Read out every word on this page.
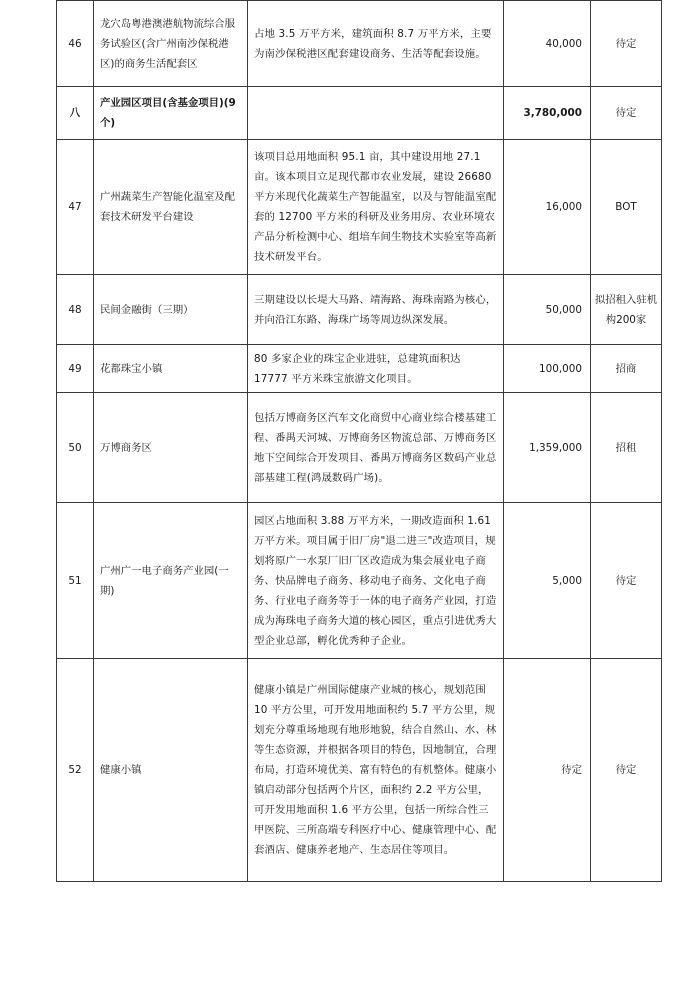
46	龙穴岛粤港澳港航物流综合服务试验区(含广州南沙保税港区)的商务生活配套区	占地 3.5 万平方米，建筑面积 8.7 万平方米，主要为南沙保税港区配套建设商务、生活等配套设施。	40,000	待定
八	产业园区项目(含基金项目)(9个)		3,780,000	待定
47	广州蔬菜生产智能化温室及配套技术研发平台建设	该项目总用地面积 95.1 亩，其中建设用地 27.1 亩。该本项目立足现代都市农业发展，建设 26680 平方米现代化蔬菜生产智能温室，以及与智能温室配套的 12700 平方米的科研及业务用房、农业环境农产品分析检测中心、组培车间生物技术实验室等高新技术研发平台。	16,000	BOT
48	民间金融街（三期）	三期建设以长堤大马路、靖海路、海珠南路为核心，并向沿江东路、海珠广场等周边纵深发展。	50,000	拟招租入驻机构200家
49	花都珠宝小镇	80 多家企业的珠宝企业进驻，总建筑面积达 17777 平方米珠宝旅游文化项目。	100,000	招商
50	万博商务区	包括万博商务区汽车文化商贸中心商业综合楼基建工程、番禺天河城、万博商务区物流总部、万博商务区地下空间综合开发项目、番禺万博商务区数码产业总部基建工程(鸿晟数码广场)。	1,359,000	招租
51	广州广一电子商务产业园(一期)	园区占地面积 3.88 万平方米，一期改造面积 1.61 万平方米。项目属于旧厂房"退二进三"改造项目，规划将原广一水泵厂旧厂区改造成为集会展业电子商务、快品牌电子商务、移动电子商务、文化电子商务、行业电子商务等于一体的电子商务产业园，打造成为海珠电子商务大道的核心园区，重点引进优秀大型企业总部，孵化优秀种子企业。	5,000	待定
52	健康小镇	健康小镇是广州国际健康产业城的核心，规划范围 10 平方公里，可开发用地面积约 5.7 平方公里，规划充分尊重场地现有地形地貌，结合自然山、水、林等生态资源，并根据各项目的特色，因地制宜，合理布局，打造环境优美、富有特色的有机整体。健康小镇启动部分包括两个片区，面积约 2.2 平方公里，可开发用地面积 1.6 平方公里，包括一所综合性三甲医院、三所高端专科医疗中心、健康管理中心、配套酒店、健康养老地产、生态居住等项目。	待定	待定
